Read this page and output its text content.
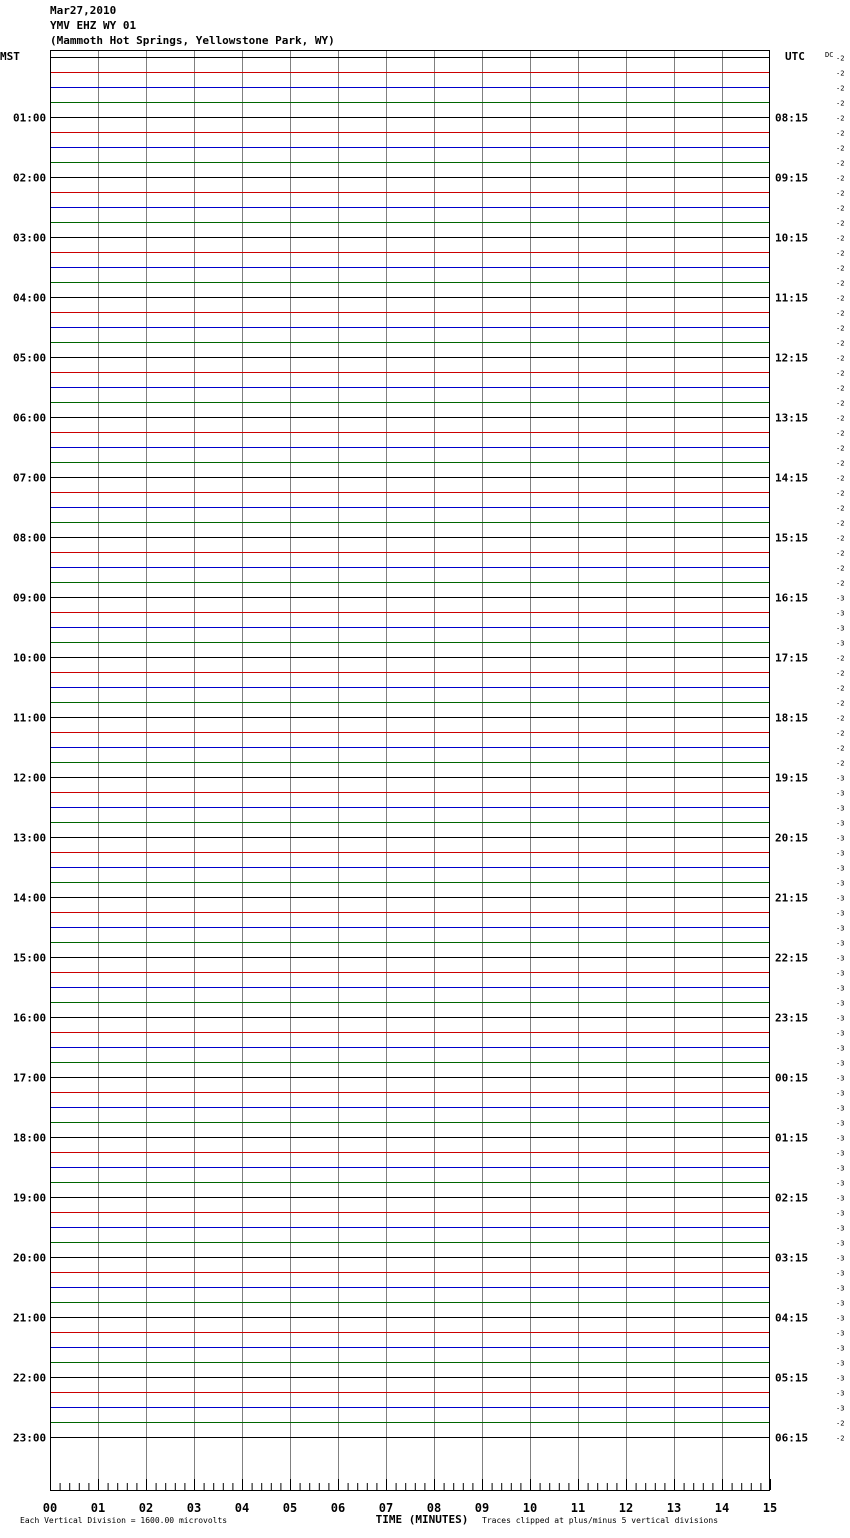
Mar27,2010
YMV EHZ WY 01
(Mammoth Hot Springs, Yellowstone Park, WY)
00	01	02	03	04	05	06	07	08	09	10	11	12	13	14	15
TIME (MINUTES)
Each Vertical Division = 1600.00 microvolts	Traces clipped at plus/minus 5 vertical divisions
MST	UTC	DC
01:00
02:00
03:00
04:00
05:00
06:00
07:00
08:00
09:00
10:00
11:00
12:00
13:00
14:00
15:00
16:00
17:00
18:00
19:00
20:00
21:00
22:00
23:00
08:15
09:15
10:15
11:15
12:15
13:15
14:15
15:15
16:15
17:15
18:15
19:15
20:15
21:15
22:15
23:15
00:15
01:15
02:15
03:15
04:15
05:15
06:15
-2
-2
-2
-2
-2
-2
-2
-2
-2
-2
-2
-2
-2
-2
-2
-2
-2
-2
-2
-2
-2
-2
-2
-2
-2
-2
-2
-2
-2
-2
-2
-2
-2
-2
-2
-2
-3
-3
-3
-3
-2
-2
-2
-2
-2
-2
-2
-2
-3
-3
-3
-3
-3
-3
-3
-3
-3
-3
-3
-3
-3
-3
-3
-3
-3
-3
-3
-3
-3
-3
-3
-3
-3
-3
-3
-3
-3
-3
-3
-3
-3
-3
-3
-3
-3
-3
-3
-3
-3
-3
-3
-2
-2
